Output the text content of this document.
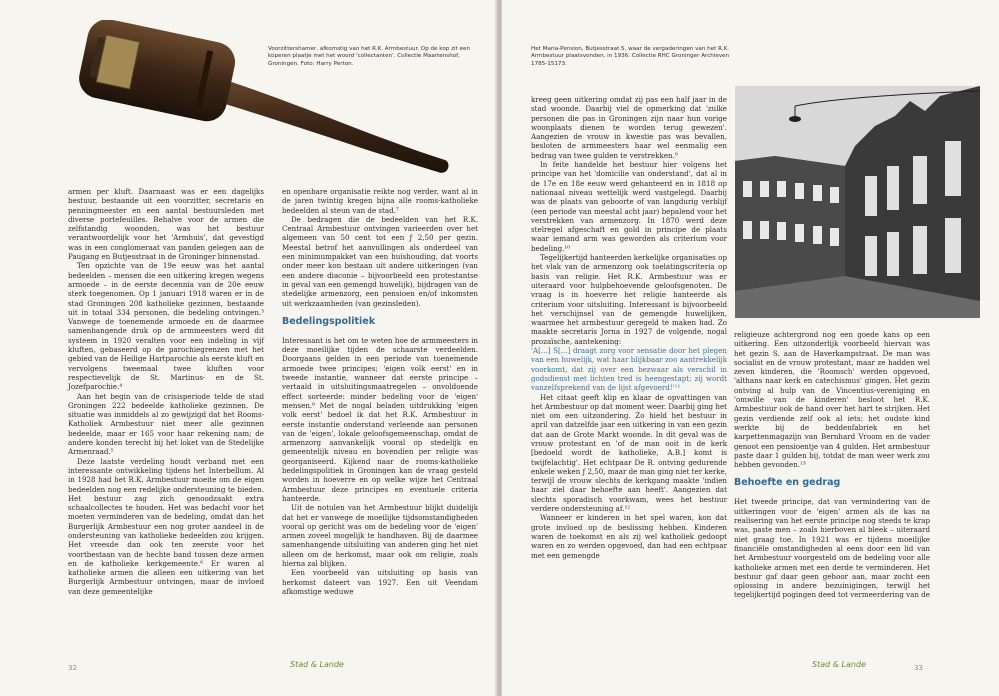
Voorzittershamer, afkomstig van het R.K. Armbestuur. Op de kop zit een koperen plaatje met het woord 'collectanten'. Collectie Maartenshof, Groningen. Foto: Harry Perton.

armen per kluft. Daarnaast was er een dagelijks bestuur, bestaande uit een voorzitter, secretaris en penningmeester en een aantal bestuursleden met diverse portefeuilles. Behalve voor de armen die zelfstandig woonden, was het bestuur verantwoordelijk voor het 'Armhuis', dat gevestigd was in een conglomeraat van panden gelegen aan de Paugang en Butjesstraat in de Groninger binnenstad.

Ten opzichte van de 19e eeuw was het aantal bedeelden – mensen die een uitkering kregen wegens armoede – in de eerste decennia van de 20e eeuw sterk toegenomen. Op 1 januari 1918 waren er in de stad Groningen 208 katholieke gezinnen, bestaande uit in totaal 334 personen, die bedeling ontvingen.³ Vanwege de toenemende armoede en de daarmee samenhangende druk op de armmeesters werd dit systeem in 1920 veralten voor een indeling in vijf kluften, gebaseerd op de parochiegrenzen met het gebied van de Heilige Hartparochie als eerste kluft en vervolgens tweemaal twee kluften voor respectievelijk de St. Martinus- en de St. Jozefparochie.⁴

Aan het begin van de crisisperiode telde de stad Groningen 222 bedeelde katholieke gezinnen. De situatie was inmiddels al zo gewijzigd dat het Rooms-Katholiek Armbestuur niet meer alle gezinnen bedeelde, maar er 165 voor haar rekening nam; de andere konden terecht bij het loket van de Stedelijke Armenraad.⁵

Deze laatste verdeling houdt verband met een interessante ontwikkeling tijdens het Interbellum. Al in 1928 had het R.K. Armbestuur moeite om de eigen bedeelden nog een redelijke ondersteuning te bieden. Het bestuur zag zich genoodzaakt extra schaalcollectes te houden. Het was bedacht voor het moeten verminderen van de bedeling, omdat dan het Burgerlijk Armbestuur een nog groter aandeel in de ondersteuning van katholieke bedeelden zou krijgen. Het vreesde dan ook ten zeerste voor het voortbestaan van de hechte band tussen deze armen en de katholieke kerkgemeente.⁶ Er waren al katholieke armen die alleen een uitkering van het Burgerlijk Armbestuur ontvingen, maar de invloed van deze gemeentelijke

en openbare organisatie reikte nog verder, want al in de jaren twintig kregen bijna alle rooms-katholieke bedeelden al steun van de stad.⁷

De bedragen die de bedeelden van het R.K. Centraal Armbestuur ontvingen varieerden over het algemeen van 50 cent tot een ƒ 2,50 per gezin. Meestal betrof het aanvullingen als onderdeel van een minimumpakket van een huishouding, dat voorts onder meer kon bestaan uit andere uitkeringen (van een andere diaconie – bijvoorbeeld een protestantse in geval van een gemengd huwelijk), bijdragen van de stedelijke armenzorg, een pensioen en/of inkomsten uit werkzaamheden (van gezinsleden).

Bedelingspolitiek

Interessant is het om te weten hoe de armmeesters in deze moeilijke tijden de schaarste verdeelden. Doorgaans gelden in een periode van toenemende armoede twee principes; 'eigen volk eerst' en in tweede instantie, wanneer dat eerste principe – vertaald in uitsluitingsmaatregelen – onvoldoende effect sorteerde: minder bedeling voor de 'eigen' mensen.⁸ Met de nogal beladen uitdrukking 'eigen volk eerst' bedoel ik dat het R.K. Armbestuur in eerste instantie onderstand verleende aan personen van de 'eigen', lokale geloofsgemeenschap, omdat de armenzorg aanvankelijk vooral op stedelijk en gemeentelijk niveau en bovendien per religie was georganiseerd. Kijkend naar de rooms-katholieke bedelingspolitiek in Groningen kan de vraag gesteld worden in hoeverre en op welke wijze het Centraal Armbestuur deze principes en eventuele criteria hanteerde.

Uit de notulen van het Armbestuur blijkt duidelijk dat het er vanwege de moeilijke tijdsomstandigheden vooral op gericht was om de bedeling voor de 'eigen' armen zoveel mogelijk te handhaven. Bij de daarmee samenhangende uitsluiting van anderen ging het niet alleen om de herkomst, maar ook om religie, zoals hierna zal blijken.

Een voorbeeld van uitsluiting op basis van herkomst dateert van 1927. Een uit Veendam afkomstige weduwe

32	Stad & Lande
Het Maria-Pension, Butjesstraat 5, waar de vergaderingen van het R.K. Armbestuur plaatsvonden, in 1936. Collectie RHC Groninger Archieven 1785-15173.

kreeg geen uitkering omdat zij pas een half jaar in de stad woonde. Daarbij viel de opmerking dat 'zulke personen die pas in Groningen zijn naar hun vorige woonplaats dienen te worden terug gewezen'. Aangezien de vrouw in kwestie pas was bevallen, besloten de armmeesters haar wel eenmalig een bedrag van twee gulden te verstrekken.⁹

In feite handelde het bestuur hier volgens het principe van het 'domicilie van onderstand', dat al in de 17e en 18e eeuw werd gehanteerd en in 1818 op nationaal niveau wettelijk werd vastgelegd. Daarbij was de plaats van geboorte of van langdurig verblijf (een periode van meestal acht jaar) bepalend voor het verstrekken van armenzorg. In 1870 werd deze stelregel afgeschaft en gold in principe de plaats waar iemand arm was geworden als criterium voor bedeling.¹⁰

Tegelijkertijd hanteerden kerkelijke organisaties op het vlak van de armenzorg ook toelatingscriteria op basis van religie. Het R.K. Armbestuur was er uiteraard voor hulpbehoevende geloofsgenoten. De vraag is in hoeverre het religie hanteerde als criterium voor uitsluiting. Interessant is bijvoorbeeld het verschijnsel van de gemengde huwelijken, waarmee het armbestuur geregeld te maken had. Zo maakte secretaris Jorna in 1927 de volgende, nogal prozaïsche, aantekening:

'A[...] S[...] draagt zorg voor sensatie door het plegen van een huwelijk, wat haar blijkbaar zoo aantrekkelijk voorkomt, dat zij over een bezwaar als verschil in godsdienst met lichten tred is heengestapt; zij wordt vanzelfsprekend van de lijst afgevoerd!'¹¹

Het citaat geeft klip en klaar de opvattingen van het Armbestuur op dat moment weer. Daarbij ging het niet om een uitzondering. Zo hield het bestuur in april van datzelfde jaar een uitkering in van een gezin dat aan de Grote Markt woonde. In dit geval was de vrouw protestant en 'of de man ooit in de kerk [bedoeld wordt de katholieke, A.B.] komt is twijfelachtig'. Het echtpaar De R. ontving gedurende enkele weken ƒ 2,50, maar de man ging niet ter kerke, terwijl de vrouw slechts de kerkgang maakte 'indien haar ziel daar behoefte aan heeft'. Aangezien dat slechts sporadisch voorkwam, wees het bestuur verdere ondersteuning af.¹²

Wanneer er kinderen in het spel waren, kon dat grote invloed op de beslissing hebben. Kinderen waren de toekomst en als zij wel katholiek gedoopt waren en zo werden opgevoed, dan had een echtpaar met een gemengde

religieuze achtergrond nog een goede kans op een uitkering. Een uitzonderlijk voorbeeld hiervan was het gezin S. aan de Haverkampstraat. De man was socialist en de vrouw protestant, maar ze hadden wel zeven kinderen, die 'Roomsch' werden opgevoed, 'althans naar kerk en catechismus' gingen. Het gezin ontving al hulp van de Vincentius-vereniging en 'omwille van de kinderen' besloot het R.K. Armbestuur ook de hand over het hart te strijken. Het gezin verdiende zelf ook al iets: het oudste kind werkte bij de beddenfabriek en het karpettenmagazijn van Bernhard Vroom en de vader genoot een pensioentje van 4 gulden. Het armbestuur paste daar 1 gulden bij, totdat de man weer werk zou hebben gevonden.¹³

Behoefte en gedrag

Het tweede principe, dat van vermindering van de uitkeringen voor de 'eigen' armen als de kas na realisering van het eerste principe nog steeds te krap was, paste men – zoals hierboven al bleek – uiteraard niet graag toe. In 1921 was er tijdens moeilijke financiële omstandigheden al eens door een lid van het Armbestuur voorgesteld om de bedeling voor alle katholieke armen met een derde te verminderen. Het bestuur gaf daar geen gehoor aan, maar zocht een oplossing in andere bezuinigingen, terwijl het tegelijkertijd pogingen deed tot vermeerdering van de

33
Stad & Lande
